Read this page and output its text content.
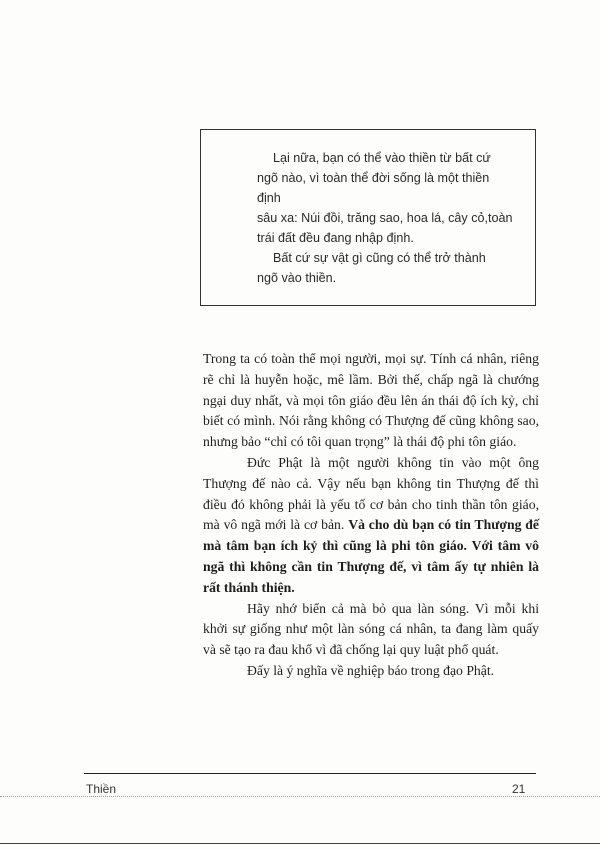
Lại nữa, bạn có thể vào thiền từ bất cứ

ngõ nào, vì toàn thể đời sống là một thiền định

sâu xa: Núi đồi, trăng sao, hoa lá, cây cỏ,toàn

trái đất đều đang nhập định.

Bất cứ sự vật gì cũng có thể trở thành

ngõ vào thiền.

Trong ta có toàn thể mọi người, mọi sự. Tính cá nhân, riêng rẽ chỉ là huyễn hoặc, mê lầm. Bởi thế, chấp ngã là chướng ngại duy nhất, và mọi tôn giáo đều lên án thái độ ích kỷ, chỉ biết có mình. Nói rằng không có Thượng đế cũng không sao, nhưng bảo “chỉ có tôi quan trọng” là thái độ phi tôn giáo.

Đức Phật là một người không tin vào một ông Thượng đế nào cả. Vậy nếu bạn không tin Thượng đế thì điều đó không phải là yếu tố cơ bản cho tinh thần tôn giáo, mà vô ngã mới là cơ bản. Và cho dù bạn có tin Thượng đế mà tâm bạn ích kỷ thì cũng là phi tôn giáo. Với tâm vô ngã thì không cần tin Thượng đế, vì tâm ấy tự nhiên là rất thánh thiện.

Hãy nhớ biển cả mà bỏ qua làn sóng. Vì mỗi khi khởi sự giống như một làn sóng cá nhân, ta đang làm quấy và sẽ tạo ra đau khổ vì đã chống lại quy luật phổ quát.

Đấy là ý nghĩa về nghiệp báo trong đạo Phật.

Thiền	21
